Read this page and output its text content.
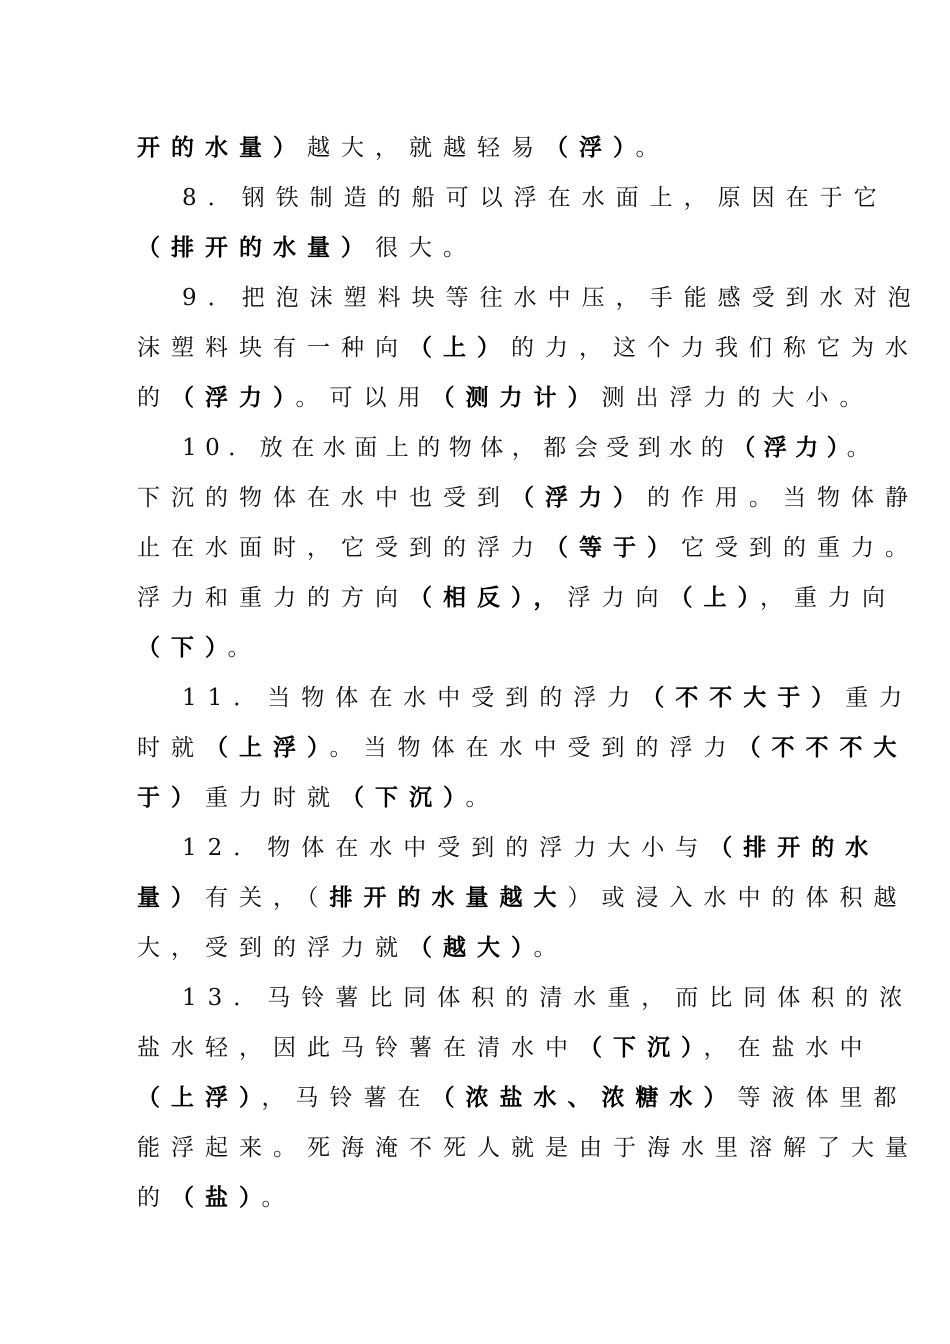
开的水量）越大，就越轻易（浮）。
8．钢铁制造的船可以浮在水面上，原因在于它
（排开的水量）很大。
9．把泡沫塑料块等往水中压，手能感受到水对泡
沫塑料块有一种向（上）的力，这个力我们称它为水
的（浮力）。可以用（测力计）测出浮力的大小。
10．放在水面上的物体，都会受到水的（浮力）。
下沉的物体在水中也受到（浮力）的作用。当物体静
止在水面时，它受到的浮力（等于）它受到的重力。
浮力和重力的方向（相反），浮力向（上），重力向
（下）。
11．当物体在水中受到的浮力（不不大于）重力
时就（上浮）。当物体在水中受到的浮力（不不不大
于）重力时就（下沉）。
12．物体在水中受到的浮力大小与（排开的水
量）有关，（排开的水量越大）或浸入水中的体积越
大，受到的浮力就（越大）。
13．马铃薯比同体积的清水重，而比同体积的浓
盐水轻，因此马铃薯在清水中（下沉），在盐水中
（上浮），马铃薯在（浓盐水、浓糖水）等液体里都
能浮起来。死海淹不死人就是由于海水里溶解了大量
的（盐）。
